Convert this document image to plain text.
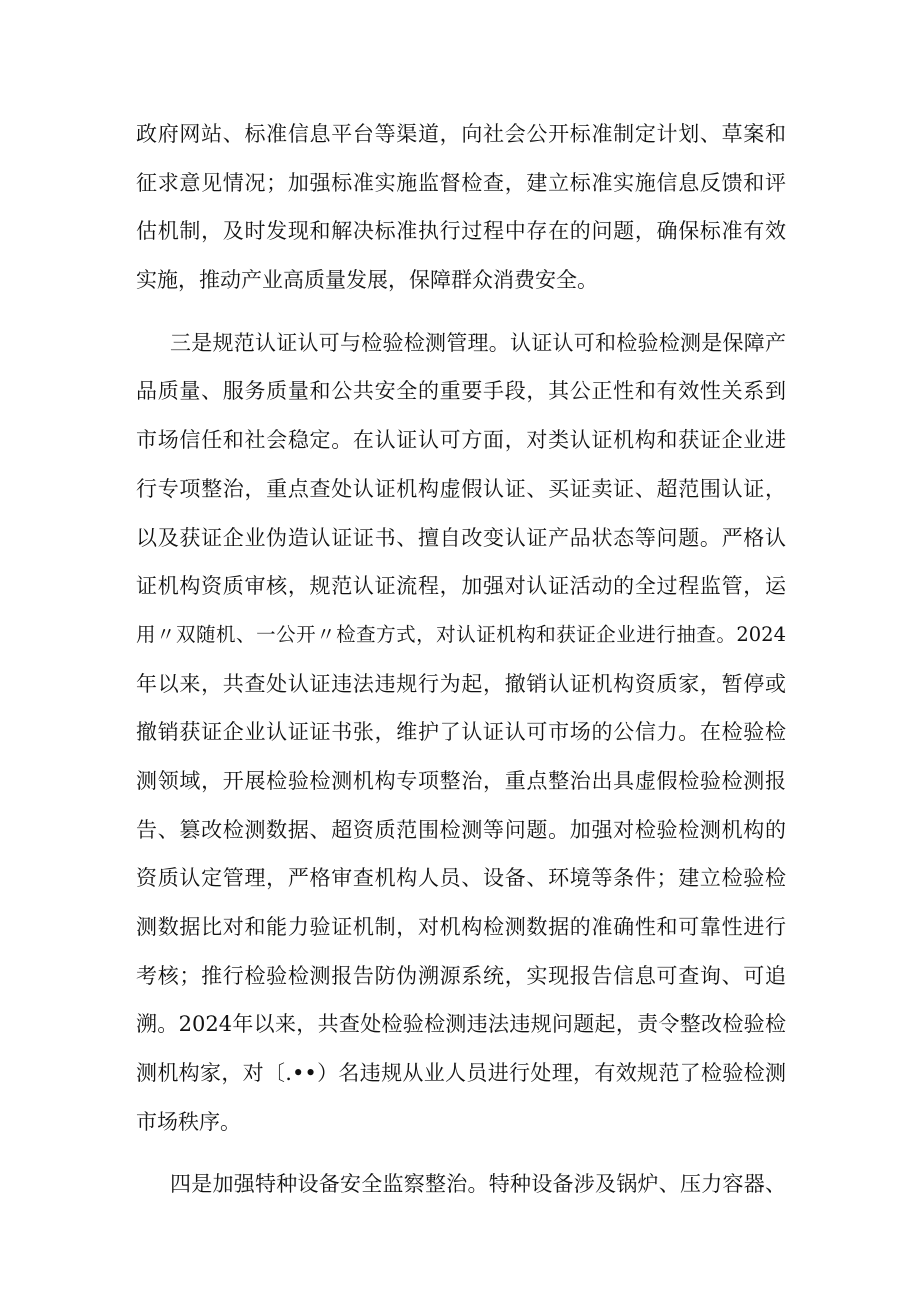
政府网站、标准信息平台等渠道，向社会公开标准制定计划、草案和
征求意见情况；加强标准实施监督检查，建立标准实施信息反馈和评
估机制，及时发现和解决标准执行过程中存在的问题，确保标准有效
实施，推动产业高质量发展，保障群众消费安全。
三是规范认证认可与检验检测管理。认证认可和检验检测是保障产
品质量、服务质量和公共安全的重要手段，其公正性和有效性关系到
市场信任和社会稳定。在认证认可方面，对类认证机构和获证企业进
行专项整治，重点查处认证机构虚假认证、买证卖证、超范围认证，
以及获证企业伪造认证证书、擅自改变认证产品状态等问题。严格认
证机构资质审核，规范认证流程，加强对认证活动的全过程监管，运
用〃双随机、一公开〃检查方式，对认证机构和获证企业进行抽查。2024
年以来，共查处认证违法违规行为起，撤销认证机构资质家，暂停或
撤销获证企业认证证书张，维护了认证认可市场的公信力。在检验检
测领域，开展检验检测机构专项整治，重点整治出具虚假检验检测报
告、篡改检测数据、超资质范围检测等问题。加强对检验检测机构的
资质认定管理，严格审查机构人员、设备、环境等条件；建立检验检
测数据比对和能力验证机制，对机构检测数据的准确性和可靠性进行
考核；推行检验检测报告防伪溯源系统，实现报告信息可查询、可追
溯。2024年以来，共查处检验检测违法违规问题起，责令整改检验检
测机构家，对〔.••）名违规从业人员进行处理，有效规范了检验检测
市场秩序。
四是加强特种设备安全监察整治。特种设备涉及锅炉、压力容器、
